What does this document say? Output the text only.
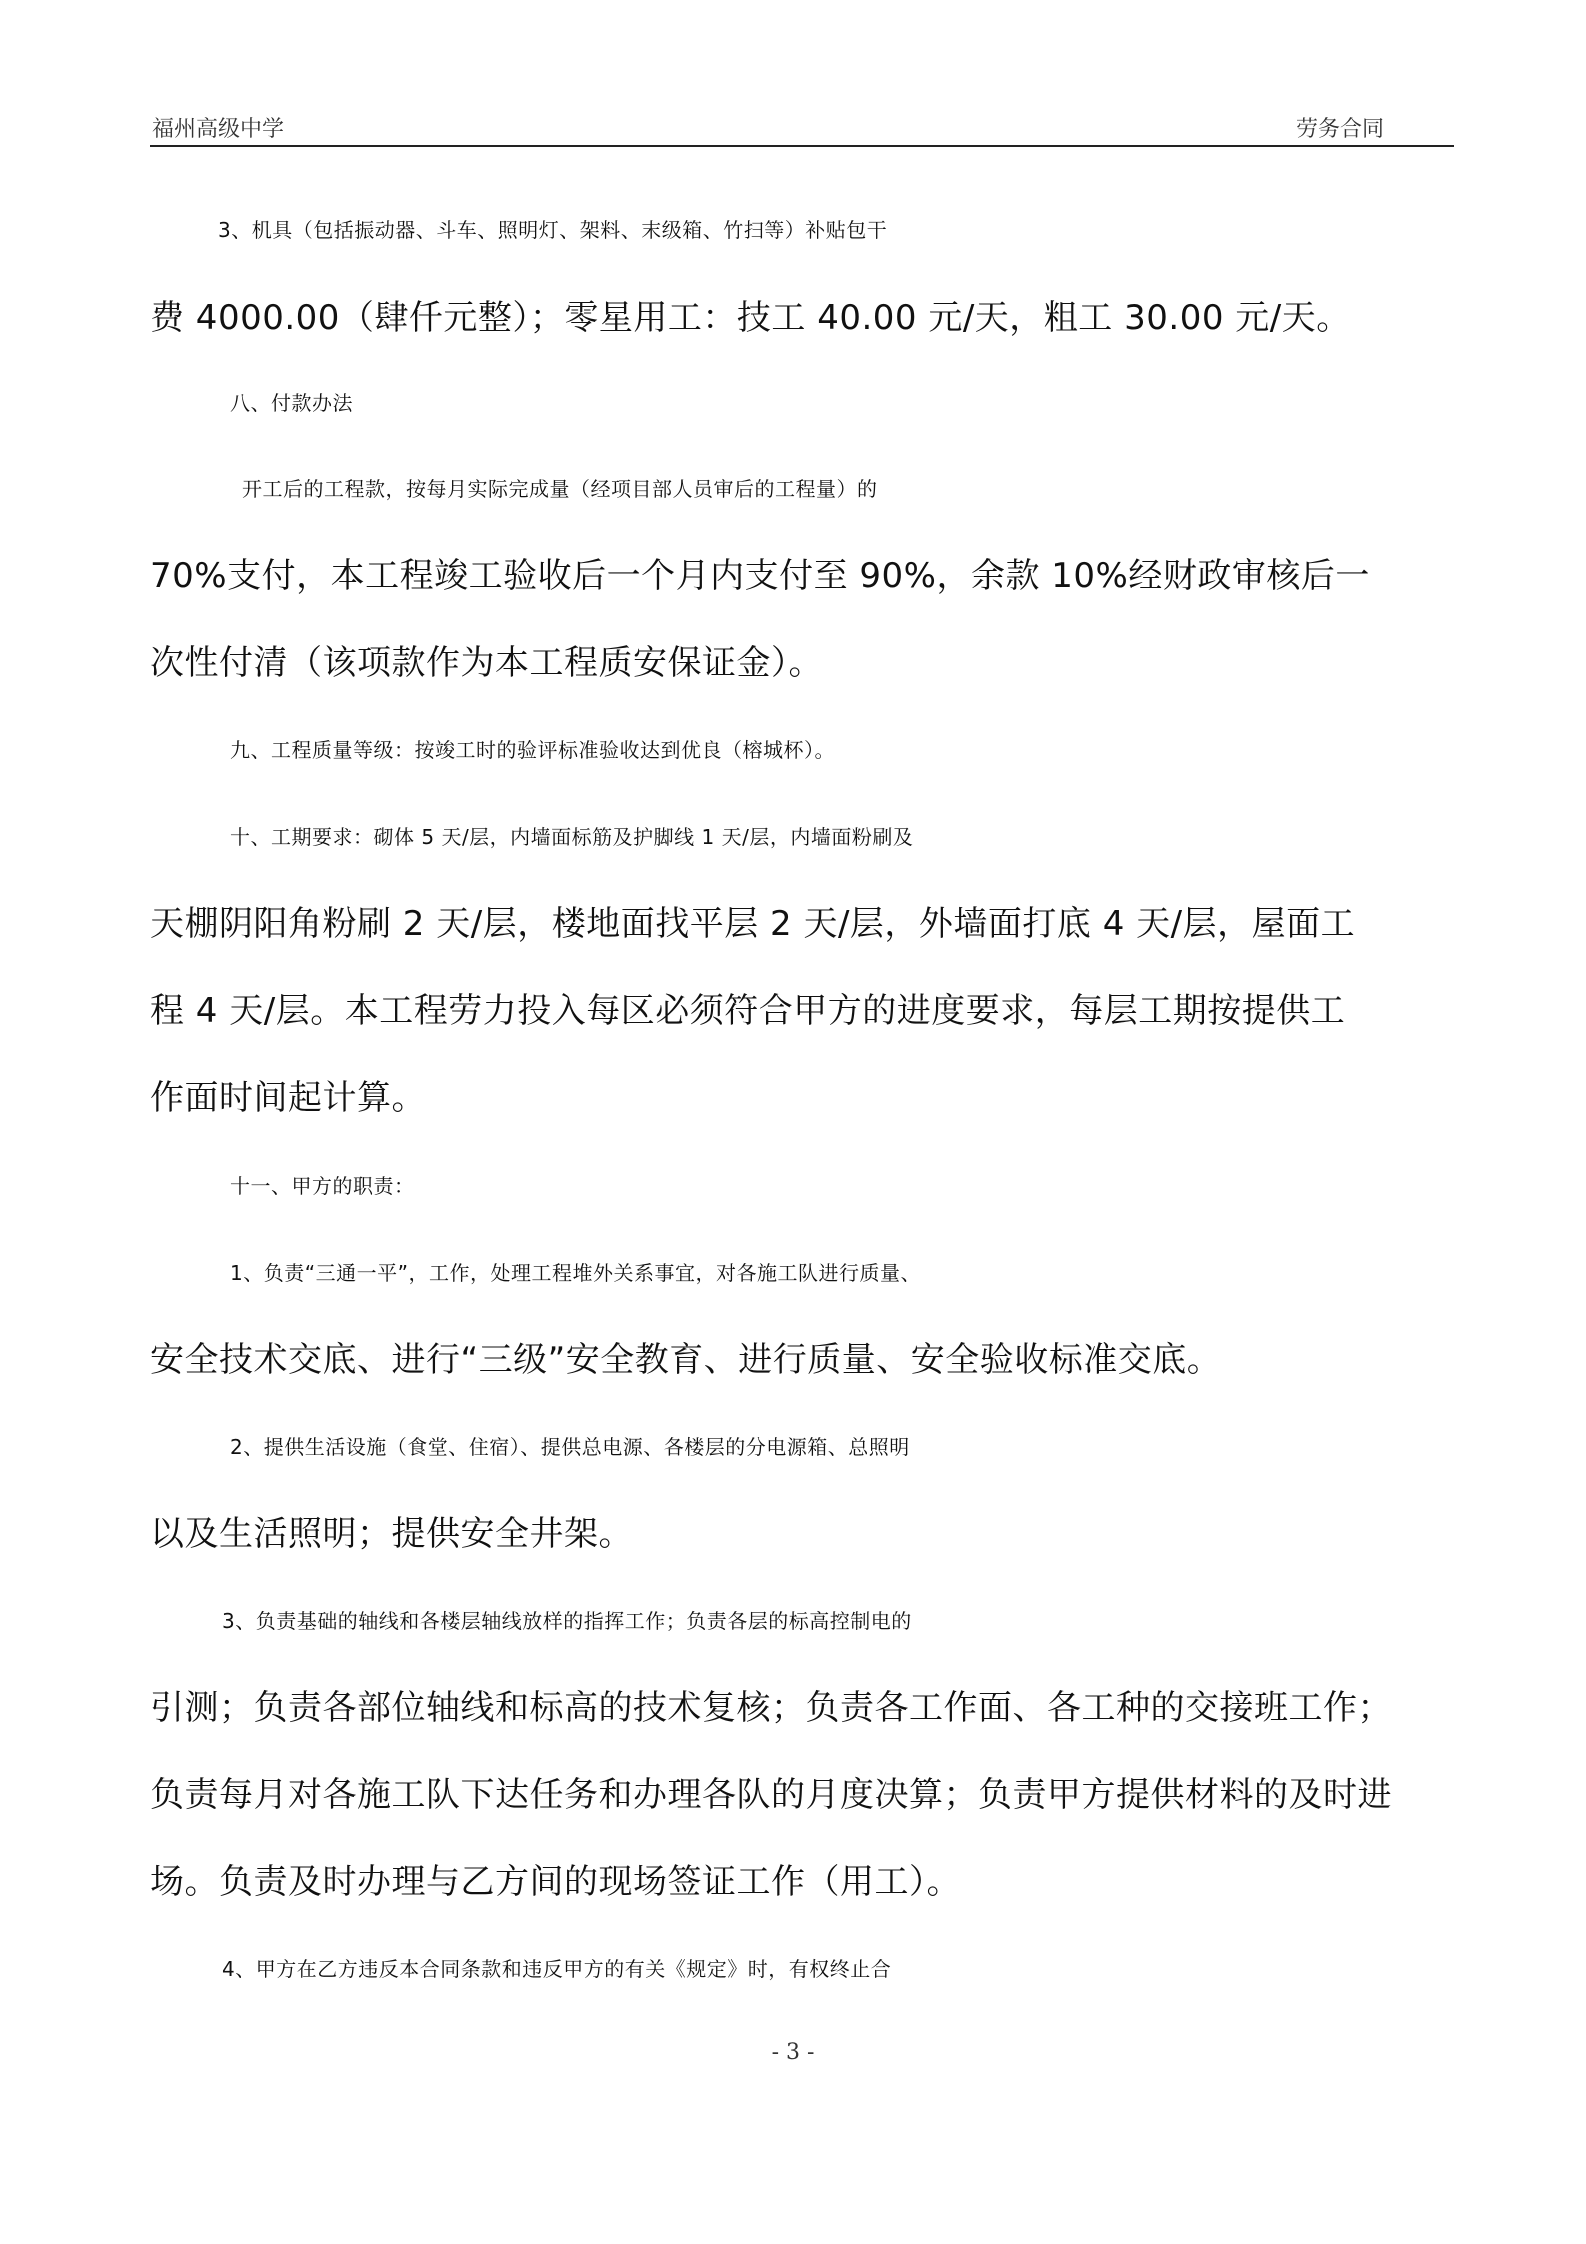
福州高级中学	劳务合同
3、机具（包括振动器、斗车、照明灯、架料、末级箱、竹扫等）补贴包干
费 4000.00（肆仟元整）；零星用工：技工 40.00 元/天，粗工 30.00 元/天。
八、付款办法
开工后的工程款，按每月实际完成量（经项目部人员审后的工程量）的
70%支付，本工程竣工验收后一个月内支付至 90%，余款 10%经财政审核后一
次性付清（该项款作为本工程质安保证金）。
九、工程质量等级：按竣工时的验评标准验收达到优良（榕城杯）。
十、工期要求：砌体 5 天/层，内墙面标筋及护脚线 1 天/层，内墙面粉刷及
天棚阴阳角粉刷 2 天/层，楼地面找平层 2 天/层，外墙面打底 4 天/层，屋面工
程 4 天/层。本工程劳力投入每区必须符合甲方的进度要求，每层工期按提供工
作面时间起计算。
十一、甲方的职责：
1、负责“三通一平”，工作，处理工程堆外关系事宜，对各施工队进行质量、
安全技术交底、进行“三级”安全教育、进行质量、安全验收标准交底。
2、提供生活设施（食堂、住宿）、提供总电源、各楼层的分电源箱、总照明
以及生活照明；提供安全井架。
3、负责基础的轴线和各楼层轴线放样的指挥工作；负责各层的标高控制电的
引测；负责各部位轴线和标高的技术复核；负责各工作面、各工种的交接班工作；
负责每月对各施工队下达任务和办理各队的月度决算；负责甲方提供材料的及时进
场。负责及时办理与乙方间的现场签证工作（用工）。
4、甲方在乙方违反本合同条款和违反甲方的有关《规定》时，有权终止合
- 3 -
